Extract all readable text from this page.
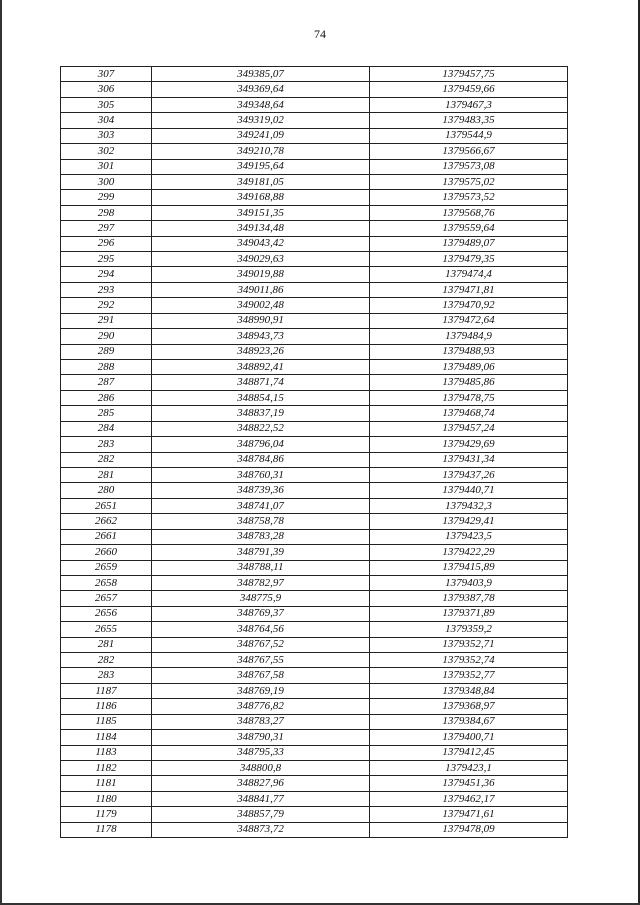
74
307	349385,07	1379457,75
306	349369,64	1379459,66
305	349348,64	1379467,3
304	349319,02	1379483,35
303	349241,09	1379544,9
302	349210,78	1379566,67
301	349195,64	1379573,08
300	349181,05	1379575,02
299	349168,88	1379573,52
298	349151,35	1379568,76
297	349134,48	1379559,64
296	349043,42	1379489,07
295	349029,63	1379479,35
294	349019,88	1379474,4
293	349011,86	1379471,81
292	349002,48	1379470,92
291	348990,91	1379472,64
290	348943,73	1379484,9
289	348923,26	1379488,93
288	348892,41	1379489,06
287	348871,74	1379485,86
286	348854,15	1379478,75
285	348837,19	1379468,74
284	348822,52	1379457,24
283	348796,04	1379429,69
282	348784,86	1379431,34
281	348760,31	1379437,26
280	348739,36	1379440,71
2651	348741,07	1379432,3
2662	348758,78	1379429,41
2661	348783,28	1379423,5
2660	348791,39	1379422,29
2659	348788,11	1379415,89
2658	348782,97	1379403,9
2657	348775,9	1379387,78
2656	348769,37	1379371,89
2655	348764,56	1379359,2
281	348767,52	1379352,71
282	348767,55	1379352,74
283	348767,58	1379352,77
1187	348769,19	1379348,84
1186	348776,82	1379368,97
1185	348783,27	1379384,67
1184	348790,31	1379400,71
1183	348795,33	1379412,45
1182	348800,8	1379423,1
1181	348827,96	1379451,36
1180	348841,77	1379462,17
1179	348857,79	1379471,61
1178	348873,72	1379478,09
